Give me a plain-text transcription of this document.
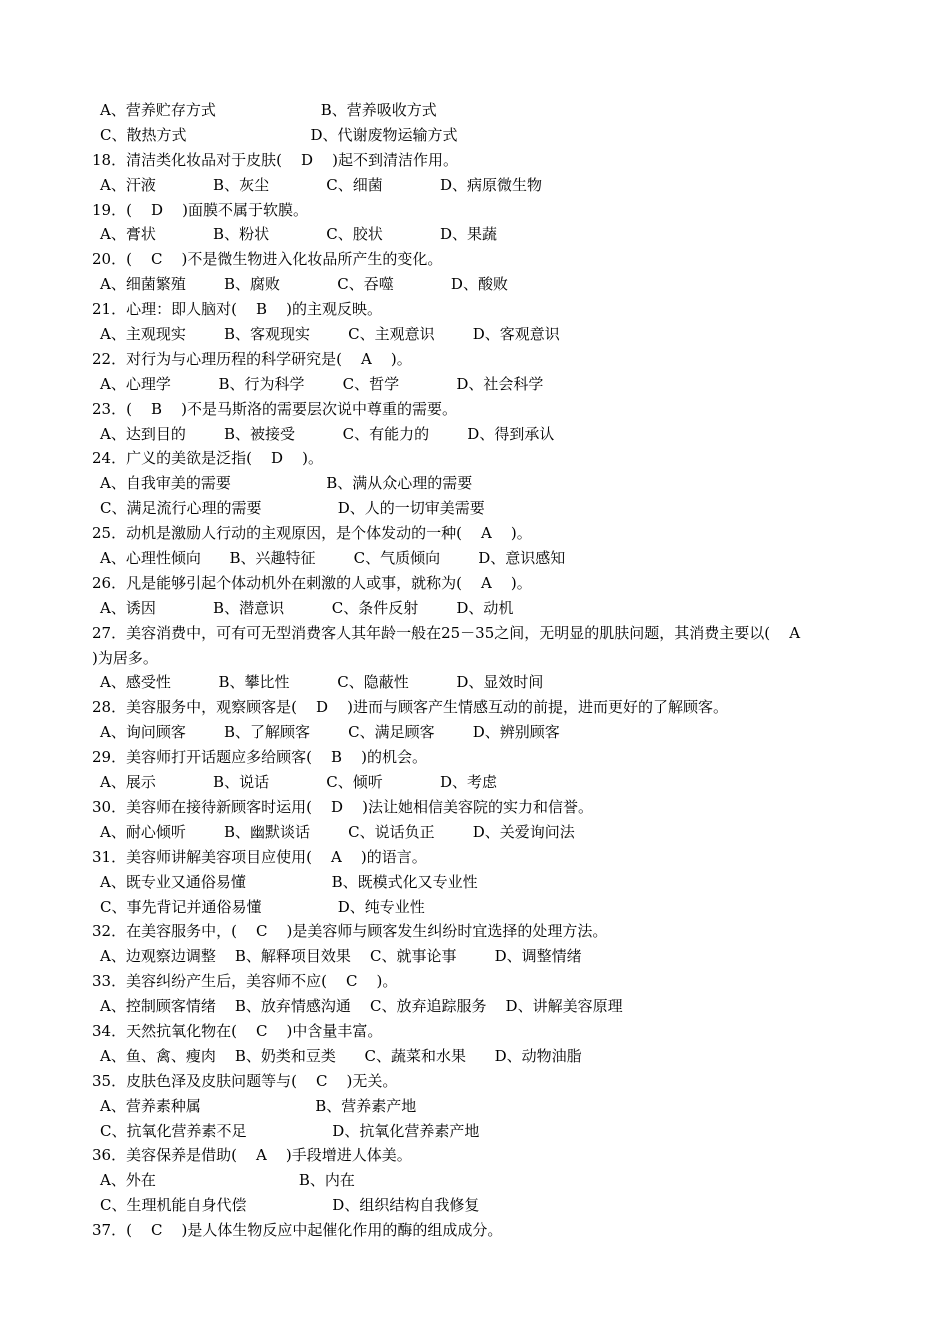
A、营养贮存方式                      B、营养吸收方式
C、散热方式                          D、代谢废物运输方式
18．清洁类化妆品对于皮肤(    D    )起不到清洁作用。
A、汗液            B、灰尘            C、细菌            D、病原微生物
19．(    D    )面膜不属于软膜。
A、膏状            B、粉状            C、胶状            D、果蔬
20．(    C    )不是微生物进入化妆品所产生的变化。
A、细菌繁殖        B、腐败            C、吞噬            D、酸败
21．心理：即人脑对(    B    )的主观反映。
A、主观现实        B、客观现实        C、主观意识        D、客观意识
22．对行为与心理历程的科学研究是(    A    )。
A、心理学          B、行为科学        C、哲学            D、社会科学
23．(    B    )不是马斯洛的需要层次说中尊重的需要。
A、达到目的        B、被接受          C、有能力的        D、得到承认
24．广义的美欲是泛指(    D    )。
A、自我审美的需要                    B、满从众心理的需要
C、满足流行心理的需要                D、人的一切审美需要
25．动机是激励人行动的主观原因，是个体发动的一种(    A    )。
A、心理性倾向      B、兴趣特征        C、气质倾向        D、意识感知
26．凡是能够引起个体动机外在刺激的人或事，就称为(    A    )。
A、诱因            B、潜意识          C、条件反射        D、动机
27．美容消费中，可有可无型消费客人其年龄一般在25－35之间，无明显的肌肤问题，其消费主要以(    A
)为居多。
A、感受性          B、攀比性          C、隐蔽性          D、显效时间
28．美容服务中，观察顾客是(    D    )进而与顾客产生情感互动的前提，进而更好的了解顾客。
A、询问顾客        B、了解顾客        C、满足顾客        D、辨别顾客
29．美容师打开话题应多给顾客(    B    )的机会。
A、展示            B、说话            C、倾听            D、考虑
30．美容师在接待新顾客时运用(    D    )法让她相信美容院的实力和信誉。
A、耐心倾听        B、幽默谈话        C、说话负正        D、关爱询问法
31．美容师讲解美容项目应使用(    A    )的语言。
A、既专业又通俗易懂                  B、既模式化又专业性
C、事先背记并通俗易懂                D、纯专业性
32．在美容服务中，(    C    )是美容师与顾客发生纠纷时宜选择的处理方法。
A、边观察边调整    B、解释项目效果    C、就事论事        D、调整情绪
33．美容纠纷产生后，美容师不应(    C    )。
A、控制顾客情绪    B、放弃情感沟通    C、放弃追踪服务    D、讲解美容原理
34．天然抗氧化物在(    C    )中含量丰富。
A、鱼、禽、瘦肉    B、奶类和豆类      C、蔬菜和水果      D、动物油脂
35．皮肤色泽及皮肤问题等与(    C    )无关。
A、营养素种属                        B、营养素产地
C、抗氧化营养素不足                  D、抗氧化营养素产地
36．美容保养是借助(    A    )手段增进人体美。
A、外在                              B、内在
C、生理机能自身代偿                  D、组织结构自我修复
37．(    C    )是人体生物反应中起催化作用的酶的组成成分。
